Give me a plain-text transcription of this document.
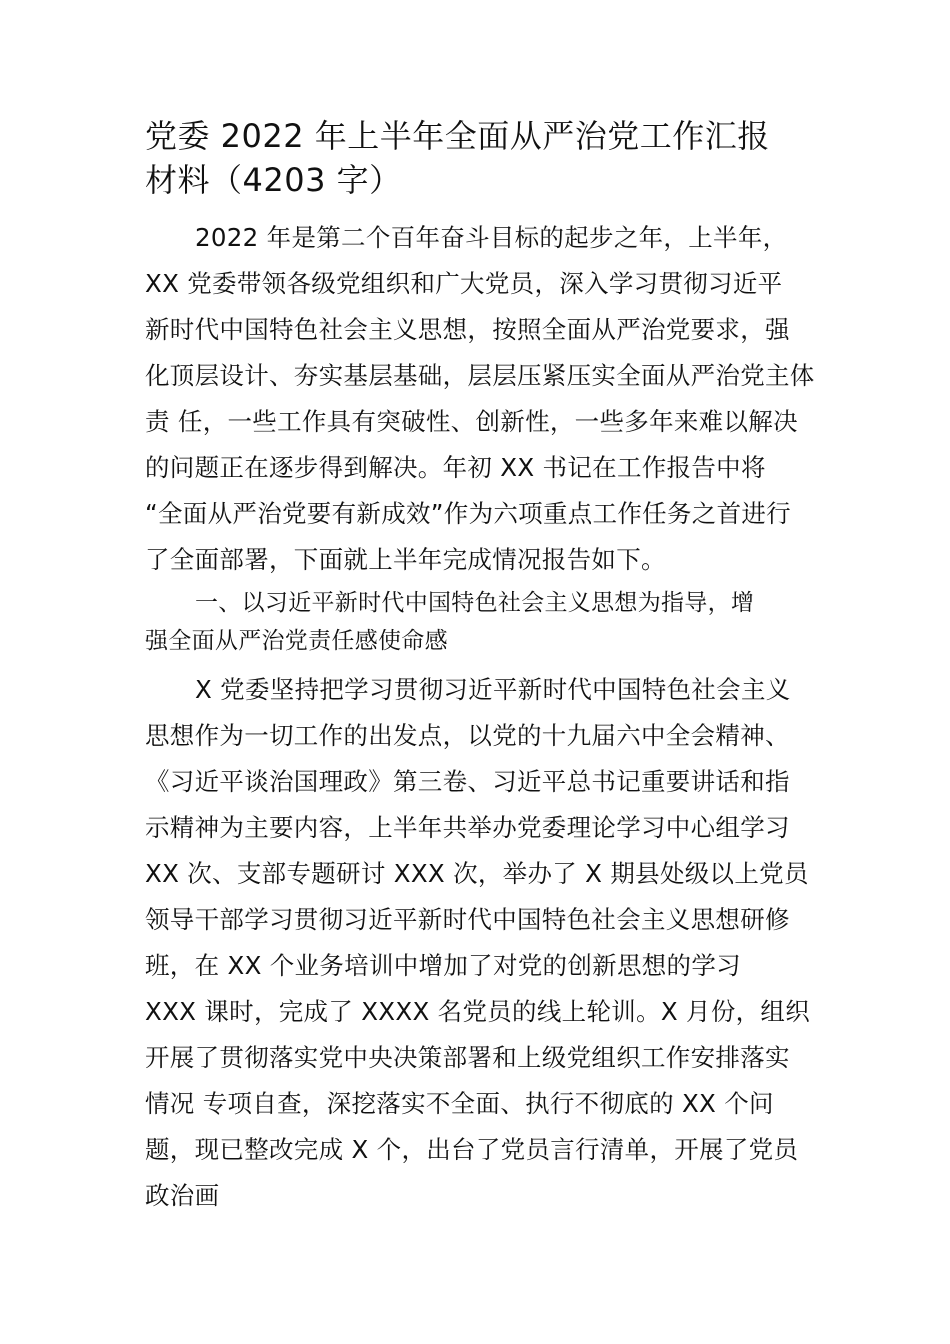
党委 2022 年上半年全面从严治党工作汇报
材料（4203 字）
2022 年是第二个百年奋斗目标的起步之年，上半年，
XX 党委带领各级党组织和广大党员，深入学习贯彻习近平
新时代中国特色社会主义思想，按照全面从严治党要求，强
化顶层设计、夯实基层基础，层层压紧压实全面从严治党主体
责 任，一些工作具有突破性、创新性，一些多年来难以解决
的问题正在逐步得到解决。年初 XX 书记在工作报告中将
“全面从严治党要有新成效”作为六项重点工作任务之首进行
了全面部署，下面就上半年完成情况报告如下。
一、以习近平新时代中国特色社会主义思想为指导，增
强全面从严治党责任感使命感
X 党委坚持把学习贯彻习近平新时代中国特色社会主义
思想作为一切工作的出发点，以党的十九届六中全会精神、
《习近平谈治国理政》第三卷、习近平总书记重要讲话和指
示精神为主要内容，上半年共举办党委理论学习中心组学习
XX 次、支部专题研讨 XXX 次，举办了 X 期县处级以上党员
领导干部学习贯彻习近平新时代中国特色社会主义思想研修
班，在 XX 个业务培训中增加了对党的创新思想的学习
XXX 课时，完成了 XXXX 名党员的线上轮训。X 月份，组织
开展了贯彻落实党中央决策部署和上级党组织工作安排落实
情况 专项自查，深挖落实不全面、执行不彻底的 XX 个问
题，现已整改完成 X 个，出台了党员言行清单，开展了党员
政治画
